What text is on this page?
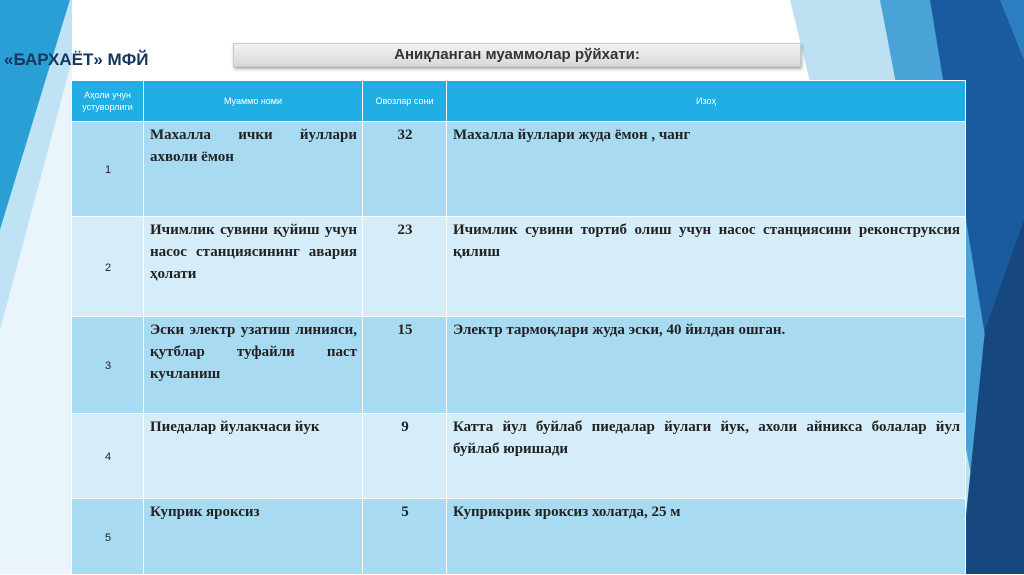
«БАРХАЁТ» МФЙ	Аниқланган муаммолар рўйхати:
Аҳоли учун устуворлиги	Муаммо номи	Овозлар сони	Изоҳ
1	Махалла ички йуллари ахволи ёмон	32	Махалла йуллари жуда ёмон , чанг
2	Ичимлик сувини қуйиш учун насос станциясининг авария ҳолати	23	Ичимлик сувини тортиб олиш учун насос станциясини реконструксия қилиш
3	Эски электр узатиш линияси, қутблар туфайли паст кучланиш	15	Электр тармоқлари жуда эски, 40 йилдан ошган.
4	Пиедалар йулакчаси йук	9	Катта йул буйлаб пиедалар йулаги йук, ахоли айникса болалар йул буйлаб юришади
5	Куприк яроксиз	5	Куприкрик яроксиз холатда, 25 м
